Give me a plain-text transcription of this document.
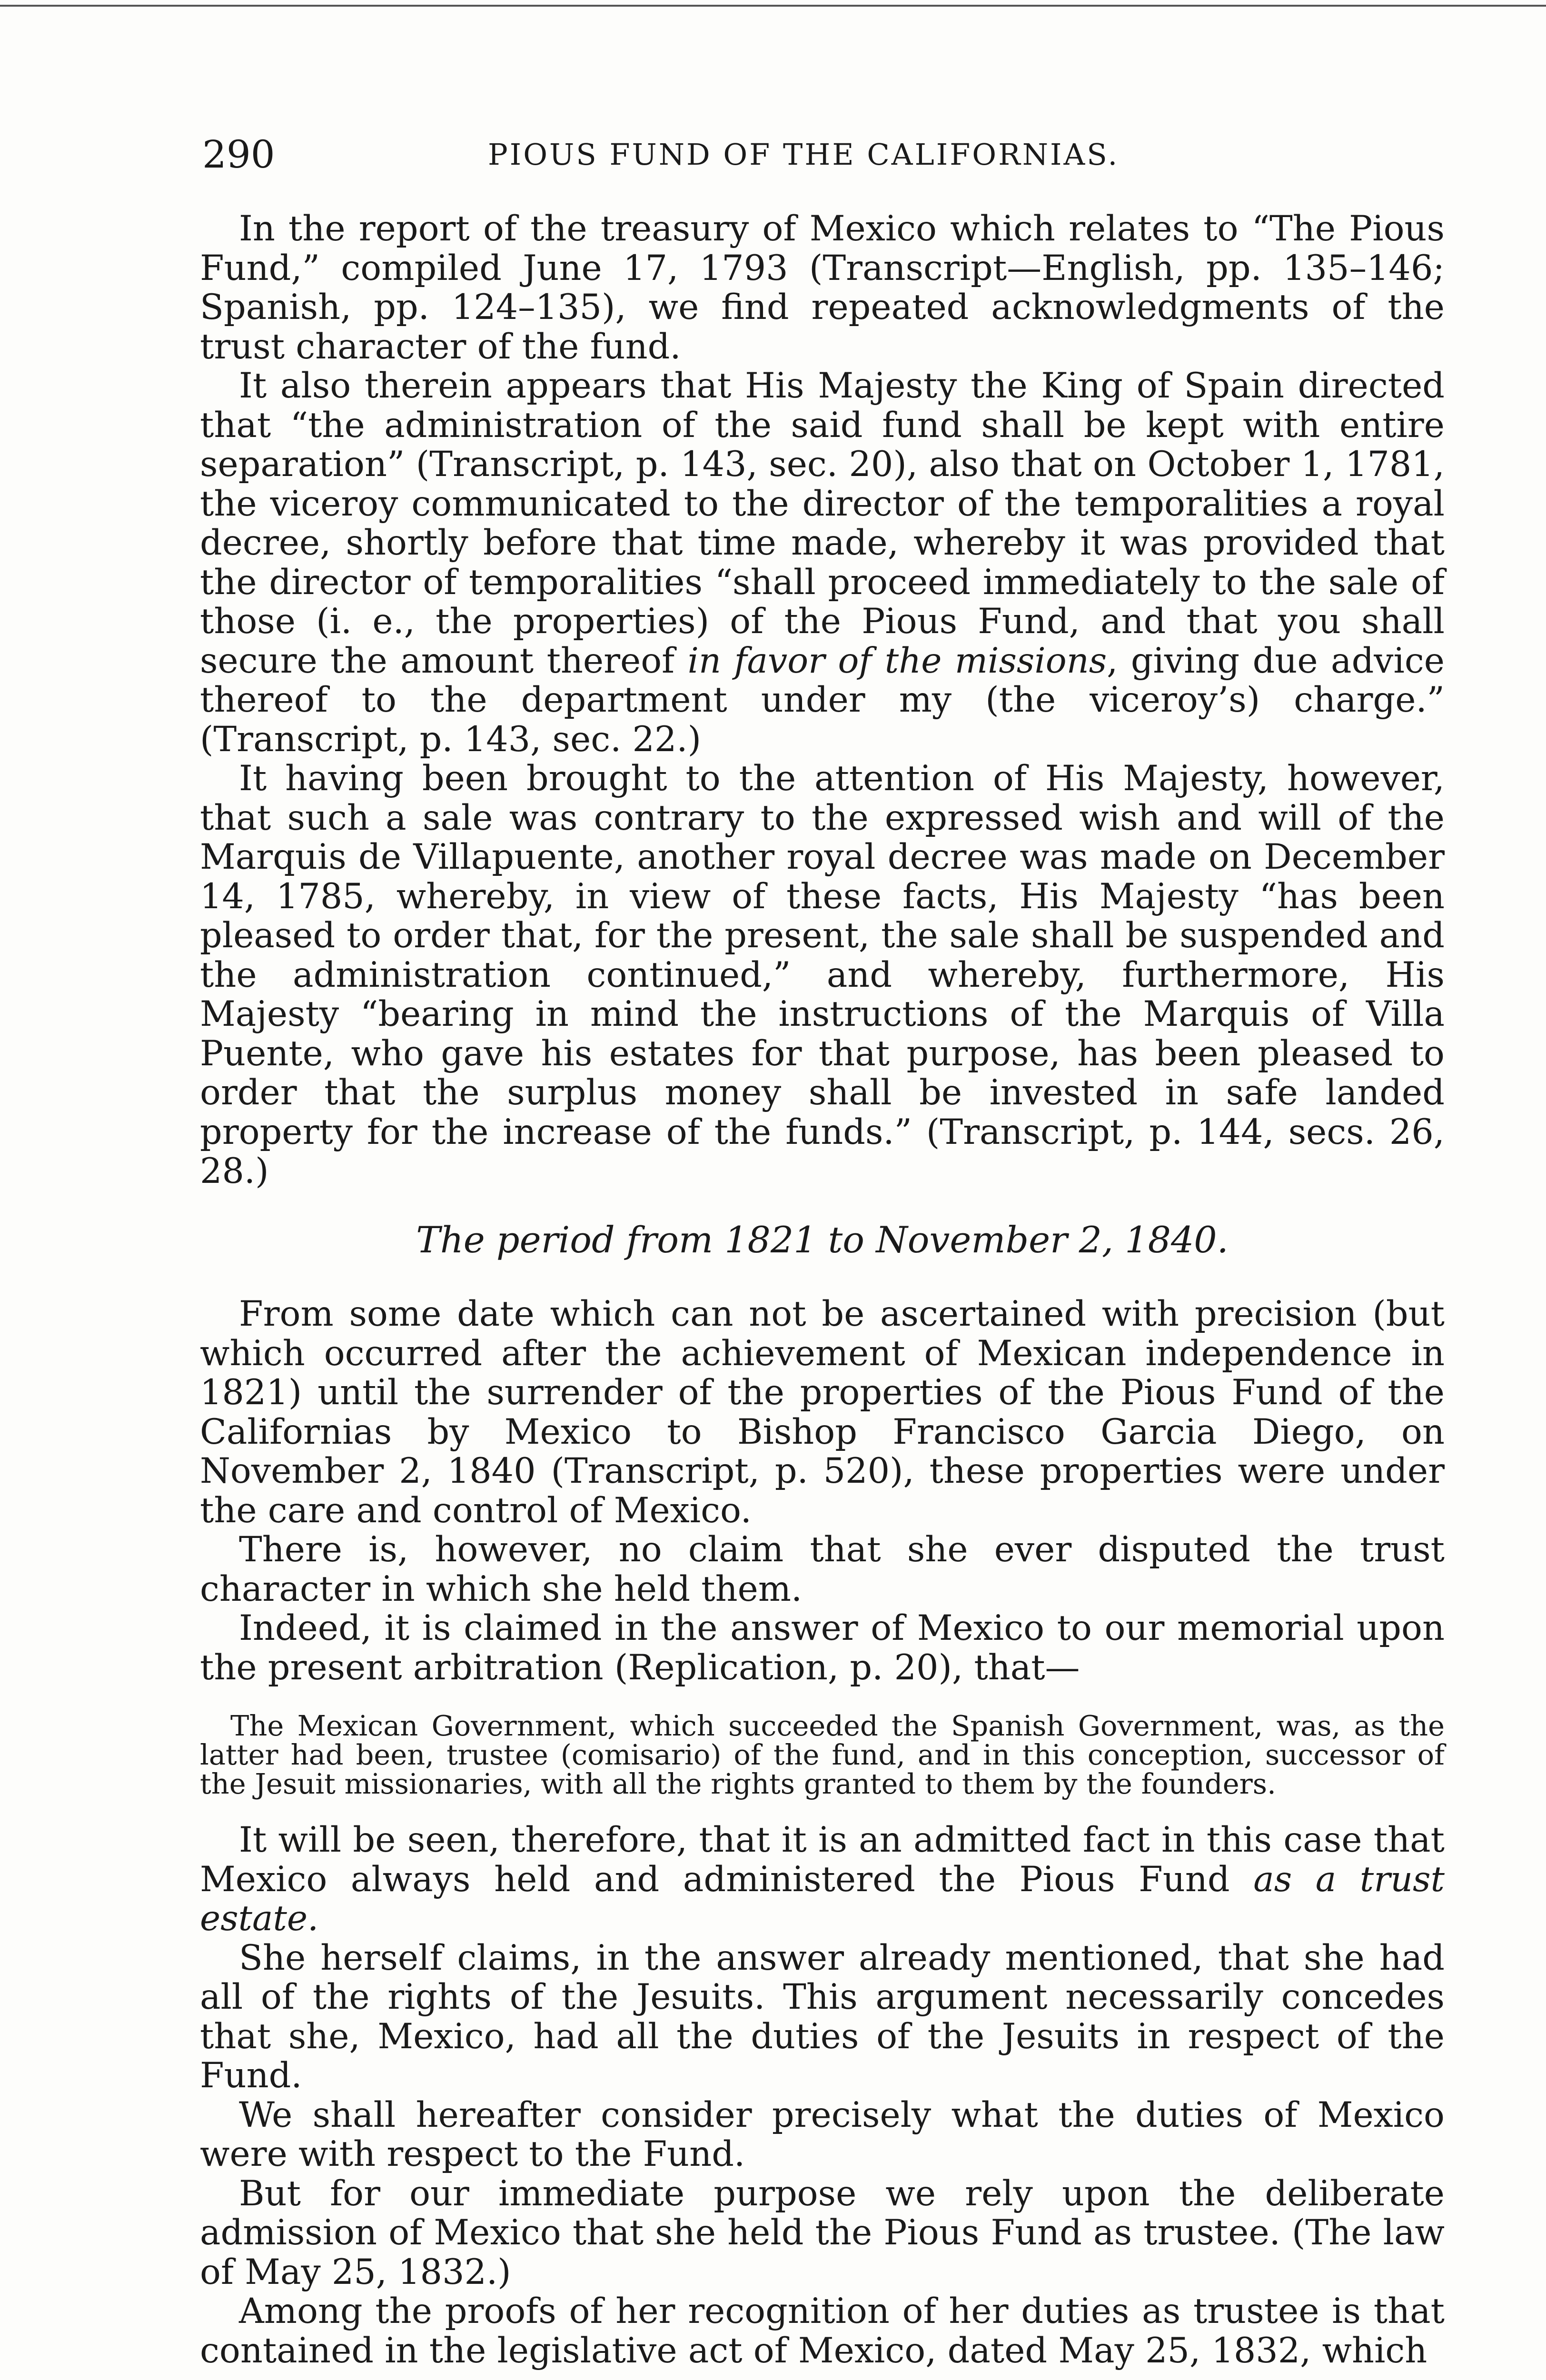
290	PIOUS FUND OF THE CALIFORNIAS.

In the report of the treasury of Mexico which relates to “The Pious Fund,” compiled June 17, 1793 (Transcript—English, pp. 135–146; Spanish, pp. 124–135), we find repeated acknowledgments of the trust character of the fund.

It also therein appears that His Majesty the King of Spain directed that “the administration of the said fund shall be kept with entire separation” (Transcript, p. 143, sec. 20), also that on October 1, 1781, the viceroy communicated to the director of the temporalities a royal decree, shortly before that time made, whereby it was provided that the director of temporalities “shall proceed immediately to the sale of those (i. e., the properties) of the Pious Fund, and that you shall secure the amount thereof in favor of the missions, giving due advice thereof to the department under my (the viceroy’s) charge.” (Transcript, p. 143, sec. 22.)

It having been brought to the attention of His Majesty, however, that such a sale was contrary to the expressed wish and will of the Marquis de Villapuente, another royal decree was made on December 14, 1785, whereby, in view of these facts, His Majesty “has been pleased to order that, for the present, the sale shall be suspended and the administration continued,” and whereby, furthermore, His Majesty “bearing in mind the instructions of the Marquis of Villa Puente, who gave his estates for that purpose, has been pleased to order that the surplus money shall be invested in safe landed property for the increase of the funds.” (Transcript, p. 144, secs. 26, 28.)

The period from 1821 to November 2, 1840.

From some date which can not be ascertained with precision (but which occurred after the achievement of Mexican independence in 1821) until the surrender of the properties of the Pious Fund of the Californias by Mexico to Bishop Francisco Garcia Diego, on November 2, 1840 (Transcript, p. 520), these properties were under the care and control of Mexico.

There is, however, no claim that she ever disputed the trust character in which she held them.

Indeed, it is claimed in the answer of Mexico to our memorial upon the present arbitration (Replication, p. 20), that—

The Mexican Government, which succeeded the Spanish Government, was, as the latter had been, trustee (comisario) of the fund, and in this conception, successor of the Jesuit missionaries, with all the rights granted to them by the founders.

It will be seen, therefore, that it is an admitted fact in this case that Mexico always held and administered the Pious Fund as a trust estate.

She herself claims, in the answer already mentioned, that she had all of the rights of the Jesuits. This argument necessarily concedes that she, Mexico, had all the duties of the Jesuits in respect of the Fund.

We shall hereafter consider precisely what the duties of Mexico were with respect to the Fund.

But for our immediate purpose we rely upon the deliberate admission of Mexico that she held the Pious Fund as trustee. (The law of May 25, 1832.)

Among the proofs of her recognition of her duties as trustee is that contained in the legislative act of Mexico, dated May 25, 1832, which
